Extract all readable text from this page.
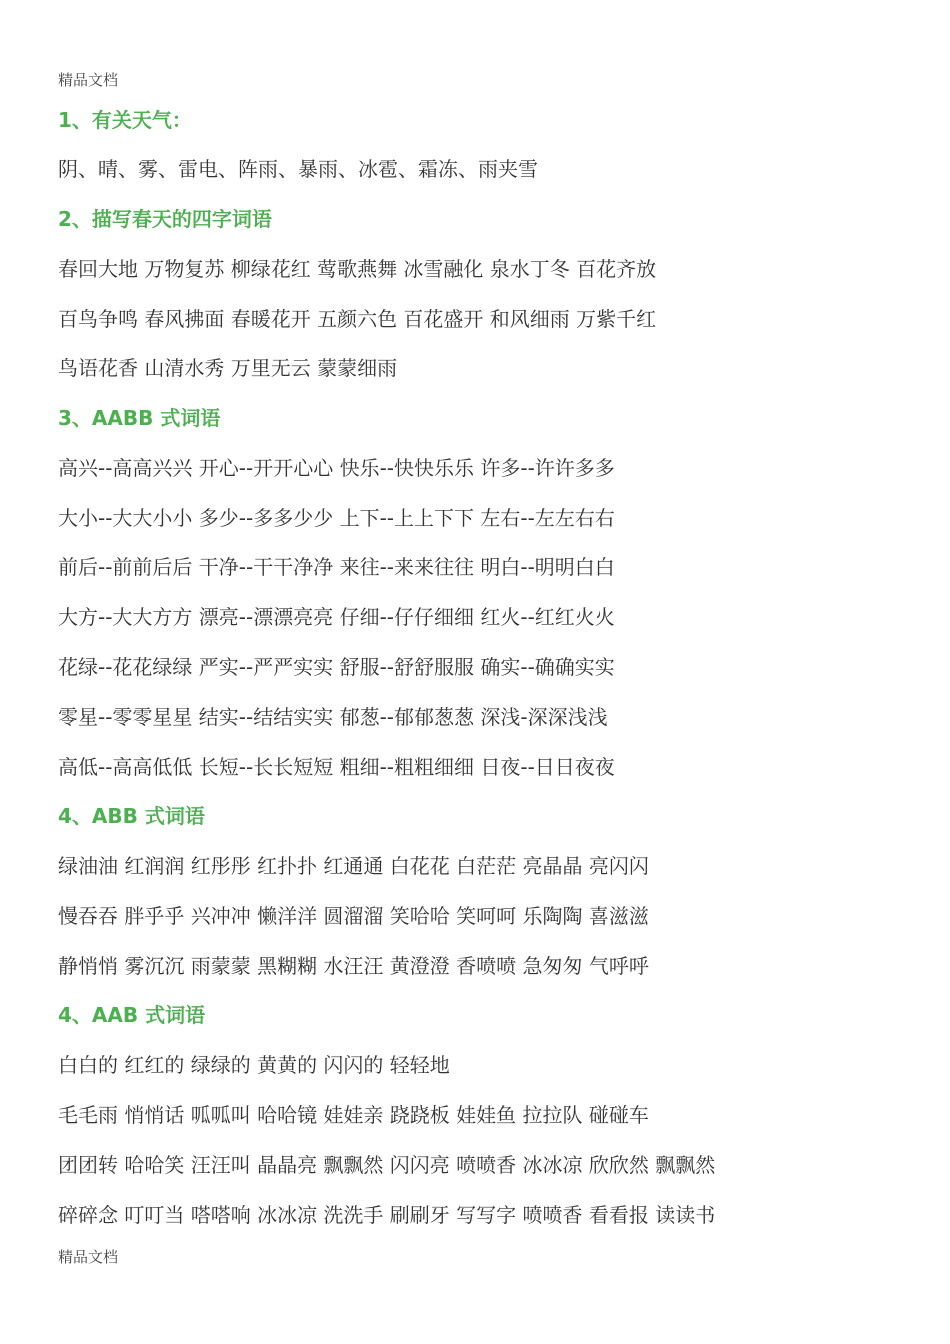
精品文档
1、有关天气：
阴、晴、雾、雷电、阵雨、暴雨、冰雹、霜冻、雨夹雪
2、描写春天的四字词语
春回大地 万物复苏 柳绿花红 莺歌燕舞 冰雪融化 泉水丁冬 百花齐放
百鸟争鸣 春风拂面 春暖花开 五颜六色 百花盛开 和风细雨 万紫千红
鸟语花香 山清水秀 万里无云 蒙蒙细雨
3、AABB 式词语
高兴--高高兴兴 开心--开开心心 快乐--快快乐乐 许多--许许多多
大小--大大小小 多少--多多少少 上下--上上下下 左右--左左右右
前后--前前后后 干净--干干净净 来往--来来往往 明白--明明白白
大方--大大方方 漂亮--漂漂亮亮 仔细--仔仔细细 红火--红红火火
花绿--花花绿绿 严实--严严实实 舒服--舒舒服服 确实--确确实实
零星--零零星星 结实--结结实实 郁葱--郁郁葱葱 深浅-深深浅浅
高低--高高低低 长短--长长短短 粗细--粗粗细细 日夜--日日夜夜
4、ABB 式词语
绿油油 红润润 红彤彤 红扑扑 红通通 白花花 白茫茫 亮晶晶 亮闪闪
慢吞吞 胖乎乎 兴冲冲 懒洋洋 圆溜溜 笑哈哈 笑呵呵 乐陶陶 喜滋滋
静悄悄 雾沉沉 雨蒙蒙 黑糊糊 水汪汪 黄澄澄 香喷喷 急匆匆 气呼呼
4、AAB 式词语
白白的 红红的 绿绿的 黄黄的 闪闪的 轻轻地
毛毛雨 悄悄话 呱呱叫 哈哈镜 娃娃亲 跷跷板 娃娃鱼 拉拉队 碰碰车
团团转 哈哈笑 汪汪叫 晶晶亮 飘飘然 闪闪亮 喷喷香 冰冰凉 欣欣然 飘飘然
碎碎念 叮叮当 嗒嗒响 冰冰凉 洗洗手 刷刷牙 写写字 喷喷香 看看报 读读书
精品文档
